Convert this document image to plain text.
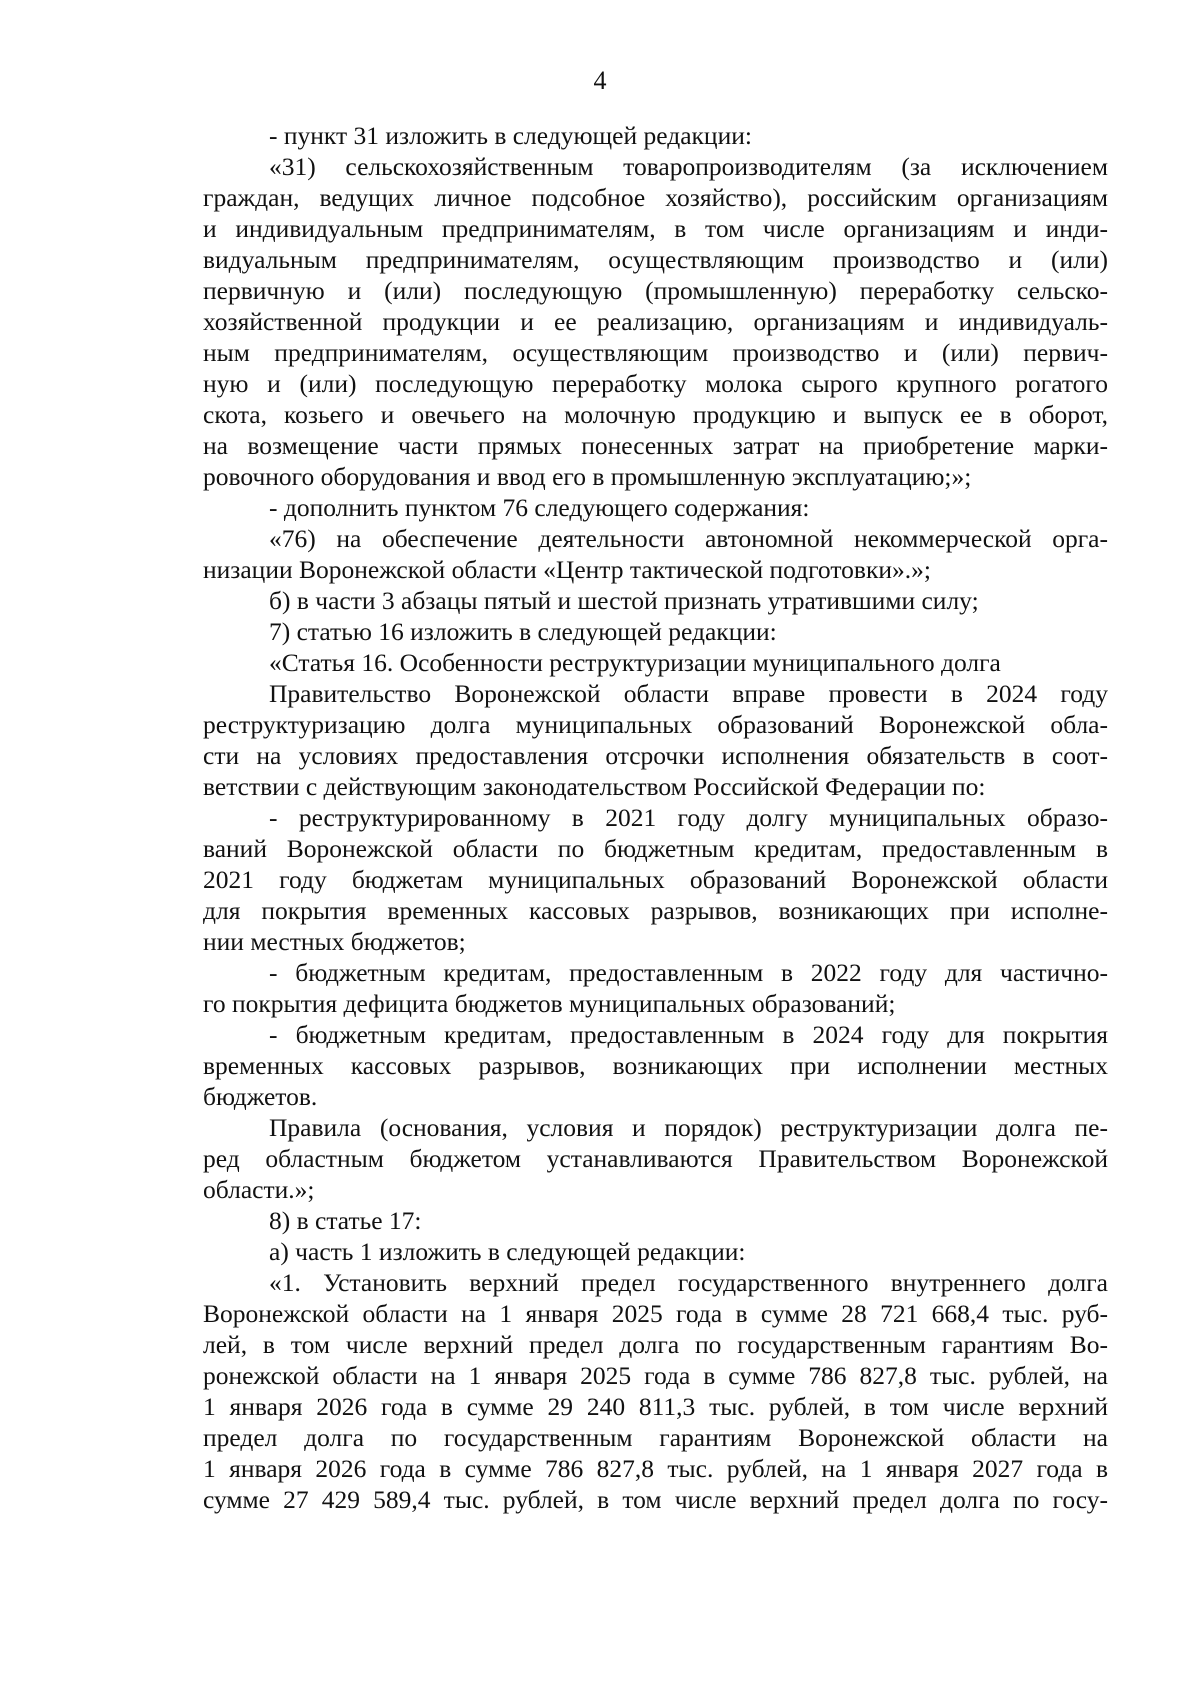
4
- пункт 31 изложить в следующей редакции:
«31) сельскохозяйственным товаропроизводителям (за исключением
граждан, ведущих личное подсобное хозяйство), российским организациям
и индивидуальным предпринимателям, в том числе организациям и инди-
видуальным предпринимателям, осуществляющим производство и (или)
первичную и (или) последующую (промышленную) переработку сельско-
хозяйственной продукции и ее реализацию, организациям и индивидуаль-
ным предпринимателям, осуществляющим производство и (или) первич-
ную и (или) последующую переработку молока сырого крупного рогатого
скота, козьего и овечьего на молочную продукцию и выпуск ее в оборот,
на возмещение части прямых понесенных затрат на приобретение марки-
ровочного оборудования и ввод его в промышленную эксплуатацию;»;
- дополнить пунктом 76 следующего содержания:
«76) на обеспечение деятельности автономной некоммерческой орга-
низации Воронежской области «Центр тактической подготовки».»;
б) в части 3 абзацы пятый и шестой признать утратившими силу;
7) статью 16 изложить в следующей редакции:
«Статья 16. Особенности реструктуризации муниципального долга
Правительство Воронежской области вправе провести в 2024 году
реструктуризацию долга муниципальных образований Воронежской обла-
сти на условиях предоставления отсрочки исполнения обязательств в соот-
ветствии с действующим законодательством Российской Федерации по:
- реструктурированному в 2021 году долгу муниципальных образо-
ваний Воронежской области по бюджетным кредитам, предоставленным в
2021 году бюджетам муниципальных образований Воронежской области
для покрытия временных кассовых разрывов, возникающих при исполне-
нии местных бюджетов;
- бюджетным кредитам, предоставленным в 2022 году для частично-
го покрытия дефицита бюджетов муниципальных образований;
- бюджетным кредитам, предоставленным в 2024 году для покрытия
временных кассовых разрывов, возникающих при исполнении местных
бюджетов.
Правила (основания, условия и порядок) реструктуризации долга пе-
ред областным бюджетом устанавливаются Правительством Воронежской
области.»;
8) в статье 17:
а) часть 1 изложить в следующей редакции:
«1. Установить верхний предел государственного внутреннего долга
Воронежской области на 1 января 2025 года в сумме 28 721 668,4 тыс. руб-
лей, в том числе верхний предел долга по государственным гарантиям Во-
ронежской области на 1 января 2025 года в сумме 786 827,8 тыс. рублей, на
1 января 2026 года в сумме 29 240 811,3 тыс. рублей, в том числе верхний
предел долга по государственным гарантиям Воронежской области на
1 января 2026 года в сумме 786 827,8 тыс. рублей, на 1 января 2027 года в
сумме 27 429 589,4 тыс. рублей, в том числе верхний предел долга по госу-
